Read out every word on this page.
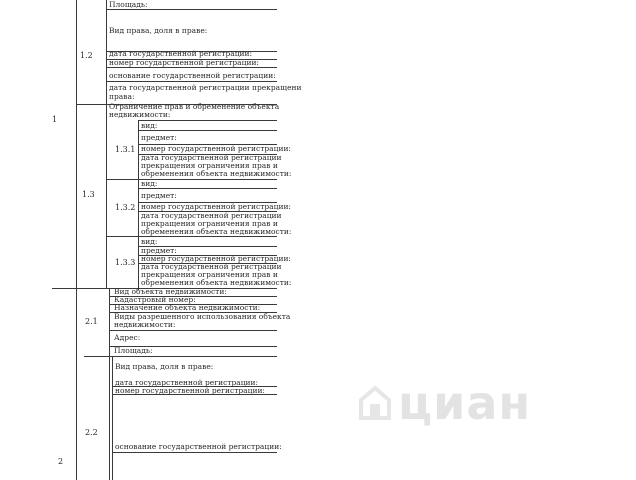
циан
1
1.2
Площадь:
Вид права, доля в праве:
дата государственной регистрации:
номер государственной регистрации:
основание государственной регистрации:
дата государственной регистрации прекращени
права:
1.3
Ограничение прав и обременение объекта
недвижимости:
1.3.1
вид:
предмет:
номер государственной регистрации:
дата государственной регистрации
прекращения ограничения прав и
обременения объекта недвижимости:
1.3.2
вид:
предмет:
номер государственной регистрации:
дата государственной регистрации
прекращения ограничения прав и
обременения объекта недвижимости:
1.3.3
вид:
предмет:
номер государственной регистрации:
дата государственной регистрации
прекращения ограничения прав и
обременения объекта недвижимости:
2
2.1
Вид объекта недвижимости:
Кадастровый номер:
Назначение объекта недвижимости:
Виды разрешенного использования объекта
недвижимости:
Адрес:
Площадь:
2.2
Вид права, доля в праве:
дата государственной регистрации:
номер государственной регистрации:
основание государственной регистрации:
